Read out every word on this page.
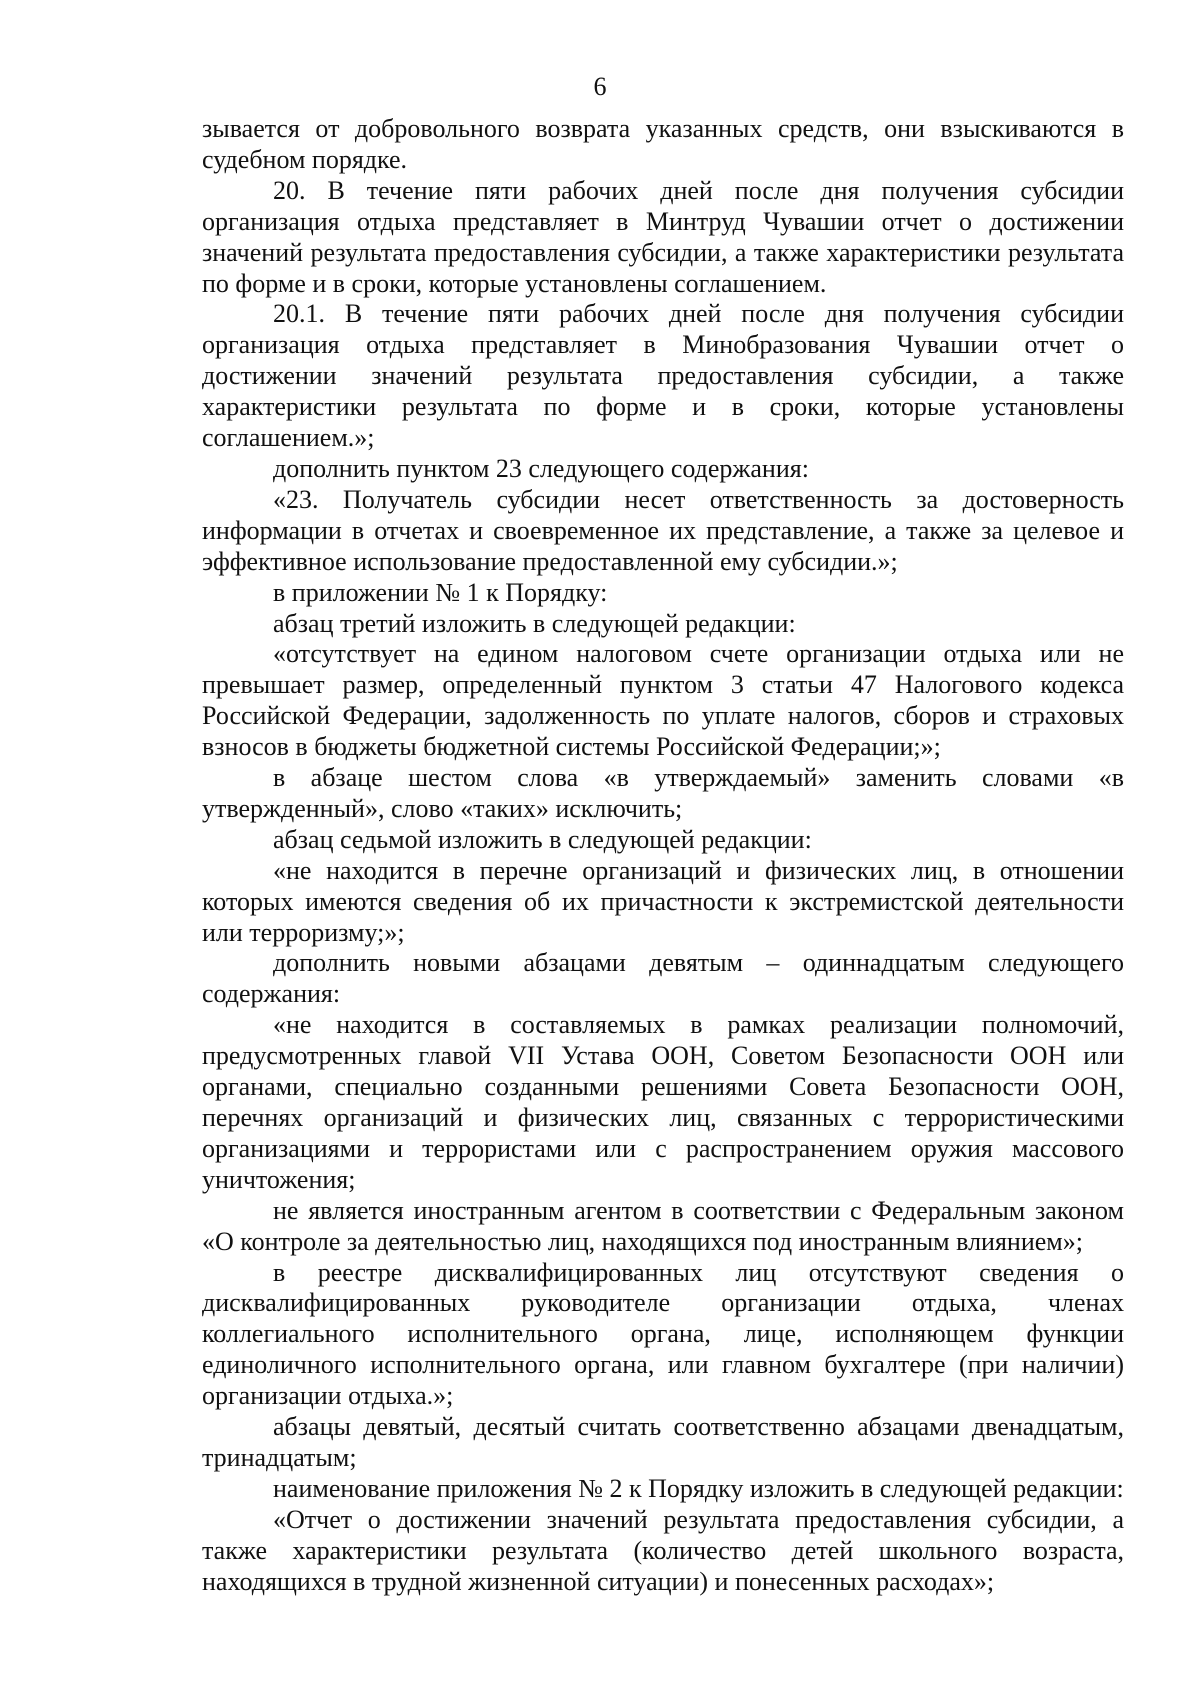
6

зывается от добровольного возврата указанных средств, они взыскиваются в судебном порядке.

20. В течение пяти рабочих дней после дня получения субсидии организация отдыха представляет в Минтруд Чувашии отчет о достижении значений результата предоставления субсидии, а также характеристики результата по форме и в сроки, которые установлены соглашением.

20.1. В течение пяти рабочих дней после дня получения субсидии организация отдыха представляет в Минобразования Чувашии отчет о достижении значений результата предоставления субсидии, а также характеристики результата по форме и в сроки, которые установлены соглашением.»;

дополнить пунктом 23 следующего содержания:

«23. Получатель субсидии несет ответственность за достоверность информации в отчетах и своевременное их представление, а также за целевое и эффективное использование предоставленной ему субсидии.»;

в приложении № 1 к Порядку:

абзац третий изложить в следующей редакции:

«отсутствует на едином налоговом счете организации отдыха или не превышает размер, определенный пунктом 3 статьи 47 Налогового кодекса Российской Федерации, задолженность по уплате налогов, сборов и страховых взносов в бюджеты бюджетной системы Российской Федерации;»;

в абзаце шестом слова «в утверждаемый» заменить словами «в утвержденный», слово «таких» исключить;

абзац седьмой изложить в следующей редакции:

«не находится в перечне организаций и физических лиц, в отношении которых имеются сведения об их причастности к экстремистской деятельности или терроризму;»;

дополнить новыми абзацами девятым – одиннадцатым следующего содержания:

«не находится в составляемых в рамках реализации полномочий, предусмотренных главой VII Устава ООН, Советом Безопасности ООН или органами, специально созданными решениями Совета Безопасности ООН, перечнях организаций и физических лиц, связанных с террористическими организациями и террористами или с распространением оружия массового уничтожения;

не является иностранным агентом в соответствии с Федеральным законом «О контроле за деятельностью лиц, находящихся под иностранным влиянием»;

в реестре дисквалифицированных лиц отсутствуют сведения о дисквалифицированных руководителе организации отдыха, членах коллегиального исполнительного органа, лице, исполняющем функции единоличного исполнительного органа, или главном бухгалтере (при наличии) организации отдыха.»;

абзацы девятый, десятый считать соответственно абзацами двенадцатым, тринадцатым;

наименование приложения № 2 к Порядку изложить в следующей редакции:

«Отчет о достижении значений результата предоставления субсидии, а также характеристики результата (количество детей школьного возраста, находящихся в трудной жизненной ситуации) и понесенных расходах»;
